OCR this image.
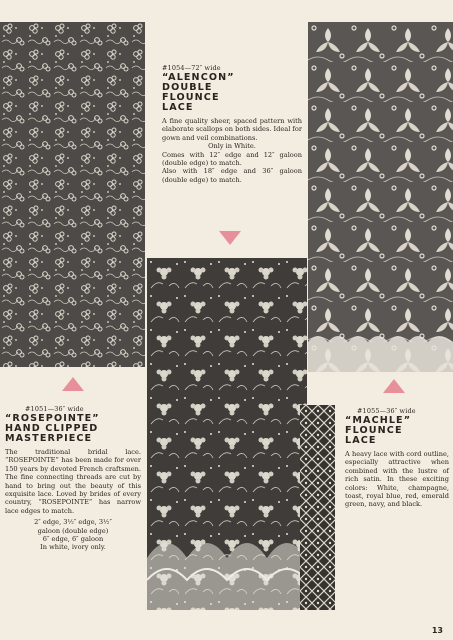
#1054—72″ wide
“ALENCON”
DOUBLE
FLOUNCE
LACE

A fine quality sheer, spaced pattern with elaborate scallops on both sides. Ideal for gown and veil combinations.

Only in White.

Comes with 12″ edge and 12″ galoon (double edge) to match.

Also with 18″ edge and 36″ galoon (double edge) to match.

#1051—36″ wide
“ROSEPOINTE”
HAND CLIPPED
MASTERPIECE

The traditional bridal lace. “ROSEPOINTE” has been made for over 150 years by devoted French craftsmen. The fine connecting threads are cut by hand to bring out the beauty of this exquisite lace. Loved by brides of every country, “ROSEPOINTE” has narrow lace edges to match.

2″ edge, 3½″ edge, 3½″

galoon (double edge)

6″ edge, 6″ galoon

In white, ivory only.

#1055—36″ wide
“MACHLE”
FLOUNCE
LACE

A heavy lace with cord outline, especially attractive when combined with the lustre of rich satin. In these exciting colors: White, champagne, toast, royal blue, red, emerald green, navy, and black.

13
